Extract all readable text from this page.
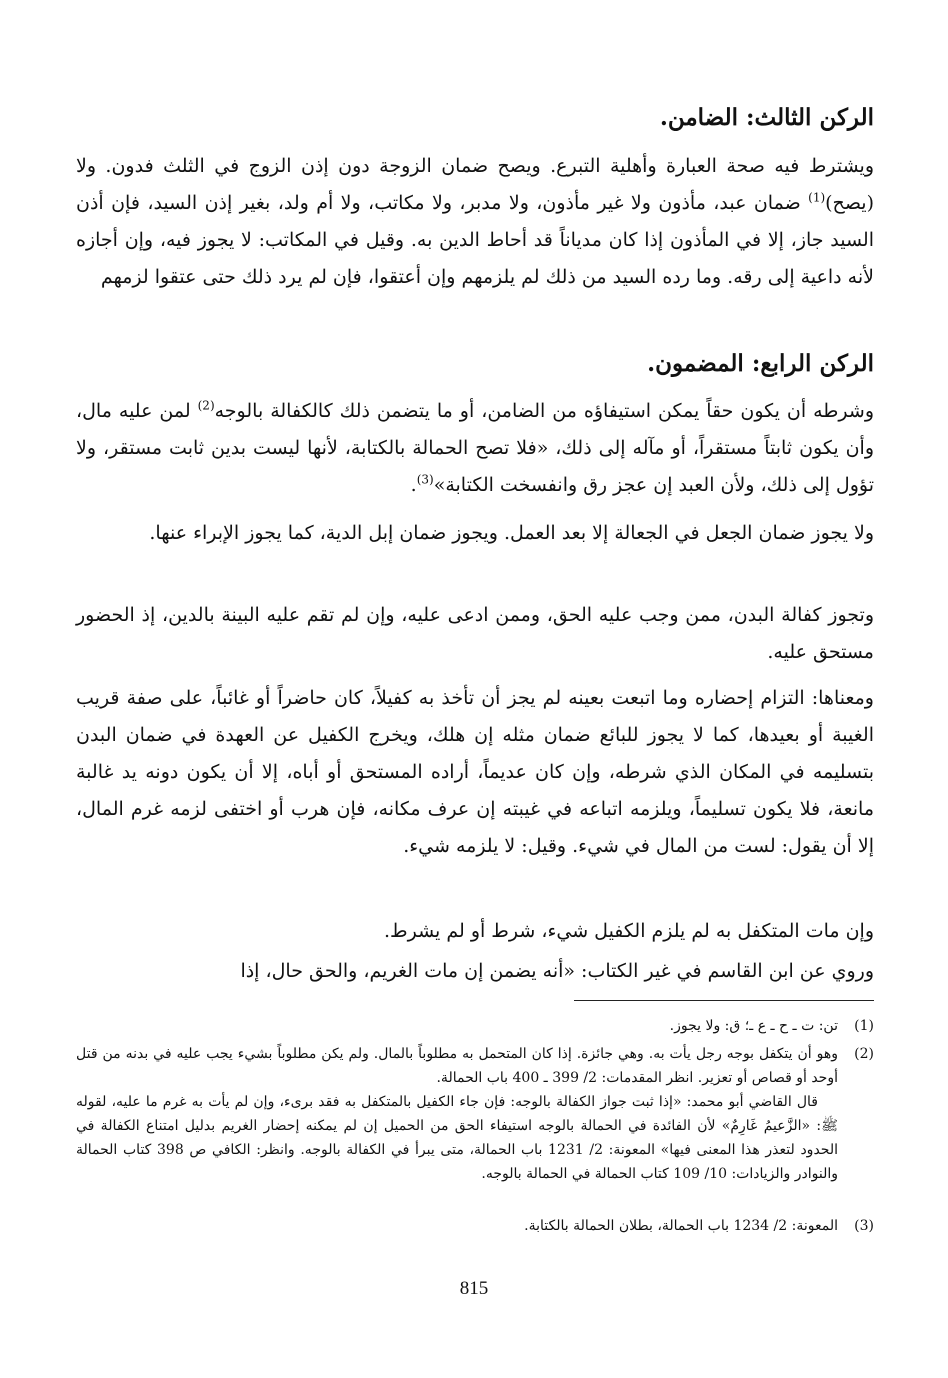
الركن الثالث: الضامن.
ويشترط فيه صحة العبارة وأهلية التبرع. ويصح ضمان الزوجة دون إذن الزوج في الثلث فدون. ولا (يصح)$^{(1)}$ ضمان عبد، مأذون ولا غير مأذون، ولا مدبر، ولا مكاتب، ولا أم ولد، بغير إذن السيد، فإن أذن السيد جاز، إلا في المأذون إذا كان مدياناً قد أحاط الدين به. وقيل في المكاتب: لا يجوز فيه، وإن أجازه لأنه داعية إلى رقه. وما رده السيد من ذلك لم يلزمهم وإن أعتقوا، فإن لم يرد ذلك حتى عتقوا لزمهم
الركن الرابع: المضمون.
وشرطه أن يكون حقاً يمكن استيفاؤه من الضامن، أو ما يتضمن ذلك كالكفالة بالوجه$^{(2)}$ لمن عليه مال، وأن يكون ثابتاً مستقراً، أو مآله إلى ذلك، «فلا تصح الحمالة بالكتابة، لأنها ليست بدين ثابت مستقر، ولا تؤول إلى ذلك، ولأن العبد إن عجز رق وانفسخت الكتابة»$^{(3)}$.
ولا يجوز ضمان الجعل في الجعالة إلا بعد العمل. ويجوز ضمان إبل الدية، كما يجوز الإبراء عنها.
وتجوز كفالة البدن، ممن وجب عليه الحق، وممن ادعى عليه، وإن لم تقم عليه البينة بالدين، إذ الحضور مستحق عليه.
ومعناها: التزام إحضاره وما اتبعت بعينه لم يجز أن تأخذ به كفيلاً، كان حاضراً أو غائباً، على صفة قريب الغيبة أو بعيدها، كما لا يجوز للبائع ضمان مثله إن هلك، ويخرج الكفيل عن العهدة في ضمان البدن بتسليمه في المكان الذي شرطه، وإن كان عديماً، أراده المستحق أو أباه، إلا أن يكون دونه يد غالبة مانعة، فلا يكون تسليماً، ويلزمه اتباعه في غيبته إن عرف مكانه، فإن هرب أو اختفى لزمه غرم المال، إلا أن يقول: لست من المال في شيء. وقيل: لا يلزمه شيء.
وإن مات المتكفل به لم يلزم الكفيل شيء، شرط أو لم يشرط.
وروي عن ابن القاسم في غير الكتاب: «أنه يضمن إن مات الغريم، والحق حال، إذا
(1)

تن: ت ـ ح ـ ع ـ؛ ق: ولا يجوز.

(2)

وهو أن يتكفل بوجه رجل يأت به. وهي جائزة. إذا كان المتحمل به مطلوباً بالمال. ولم يكن مطلوباً بشيء يجب عليه في بدنه من قتل أوحد أو قصاص أو تعزير. انظر المقدمات: 2/ 399 ـ 400 باب الحمالة.

قال القاضي أبو محمد: «إذا ثبت جواز الكفالة بالوجه: فإن جاء الكفيل بالمتكفل به فقد برىء، وإن لم يأت به غرم ما عليه، لقوله ﷺ: «الزَّعيمُ غَارِمٌ» لأن الفائدة في الحمالة بالوجه استيفاء الحق من الحميل إن لم يمكنه إحضار الغريم بدليل امتناع الكفالة في الحدود لتعذر هذا المعنى فيها» المعونة: 2/ 1231 باب الحمالة، متى يبرأ في الكفالة بالوجه. وانظر: الكافي ص 398 كتاب الحمالة والنوادر والزيادات: 10/ 109 كتاب الحمالة في الحمالة بالوجه.

(3)

المعونة: 2/ 1234 باب الحمالة، بطلان الحمالة بالكتابة.

815
